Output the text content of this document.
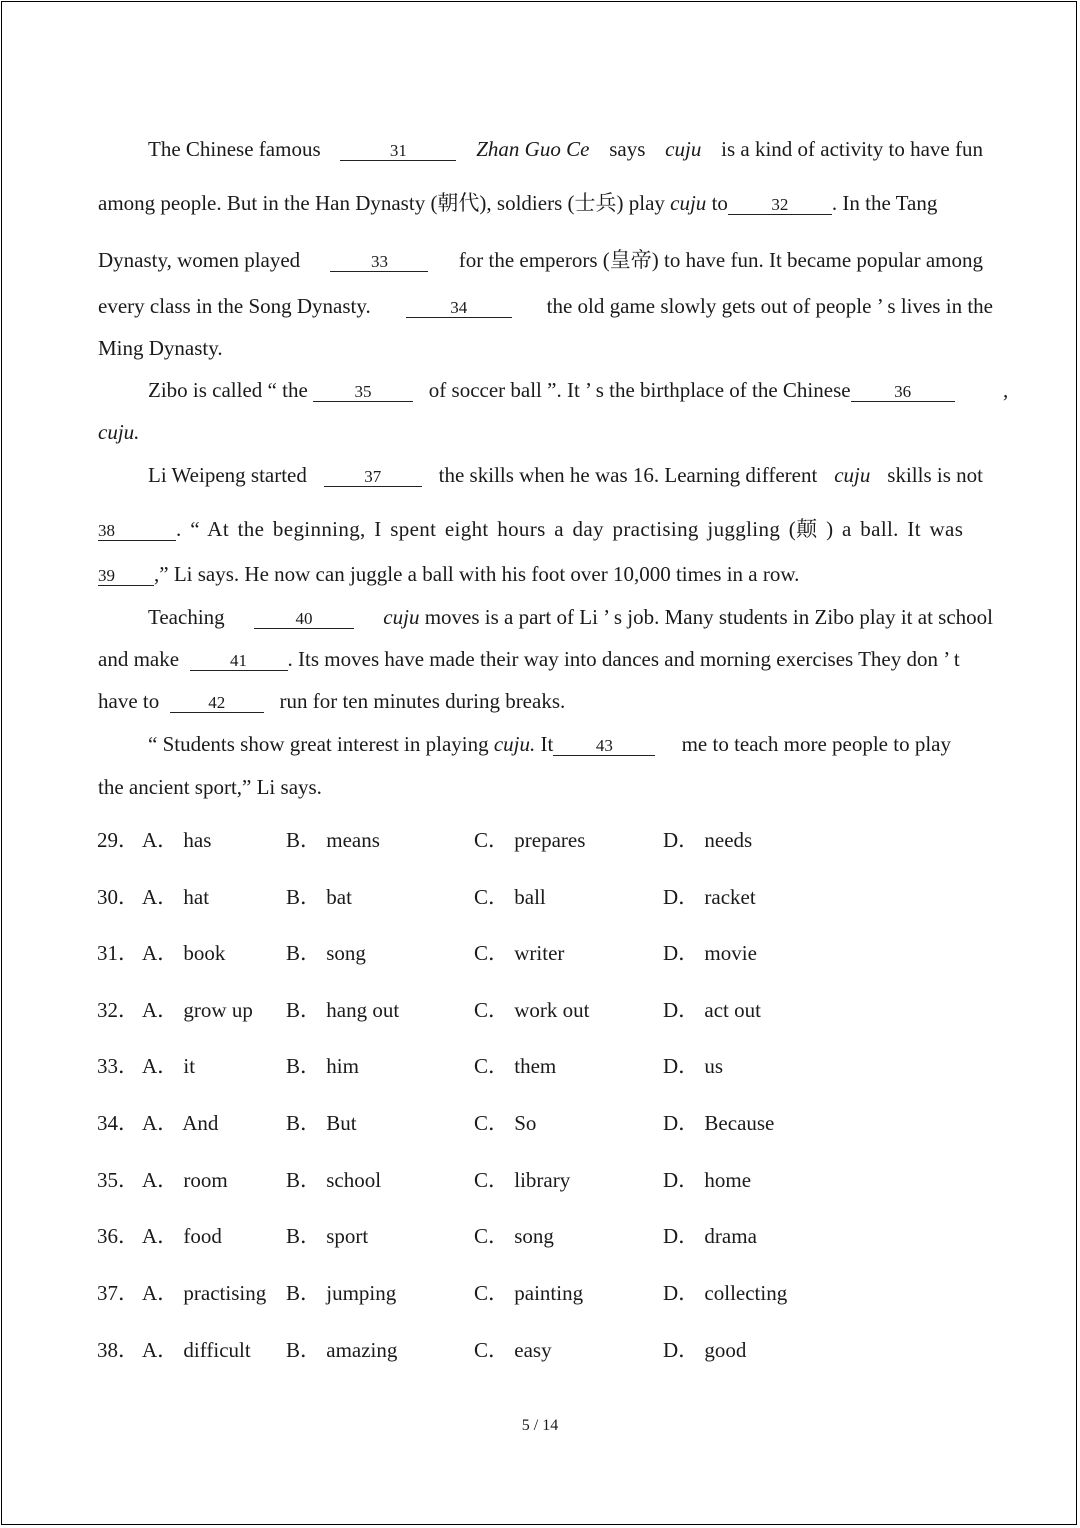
The Chinese famous	31	Zhan Guo Ce says cuju is a kind of activity to have fun
among people. But in the Han Dynasty (朝代), soldiers (士兵) play cuju to	32 . In the Tang
Dynasty, women played	33	for the emperors (皇帝) to have fun. It became popular among
every class in the Song Dynasty.	34	the old game slowly gets out of people ’ s lives in the
Ming Dynasty.
Zibo is called “ the	35	of soccer ball ”. It ’ s the birthplace of the Chinese	36	,
cuju.
Li Weipeng started	37	the skills when he was 16. Learning different cuju skills is not
38	. “ At the beginning, I spent eight hours a day practising juggling (颠 ) a ball. It was
39 ,” Li says. He now can juggle a ball with his foot over 10,000 times in a row.
Teaching	40	cuju moves is a part of Li ’ s job. Many students in Zibo play it at school
and make	41 . Its moves have made their way into dances and morning exercises They don ’ t
have to	42	run for ten minutes during breaks.
“ Students show great interest in playing cuju. It	43	me to teach more people to play
the ancient sport,” Li says.
29． A． has	B． means	C． prepares	D． needs
30． A． hat	B． bat	C． ball	D． racket
31． A． book	B． song	C． writer	D． movie
32． A． grow up B． hang out	C． work out	D． act out
33． A． it	B． him	C． them	D． us
34． A． And	B． But	C． So	D． Because
35． A． room	B． school	C． library	D． home
36． A． food	B． sport	C． song	D． drama
37． A． practising B． jumping	C． painting	D． collecting
38． A． difficult B． amazing	C． easy	D． good
5 / 14
